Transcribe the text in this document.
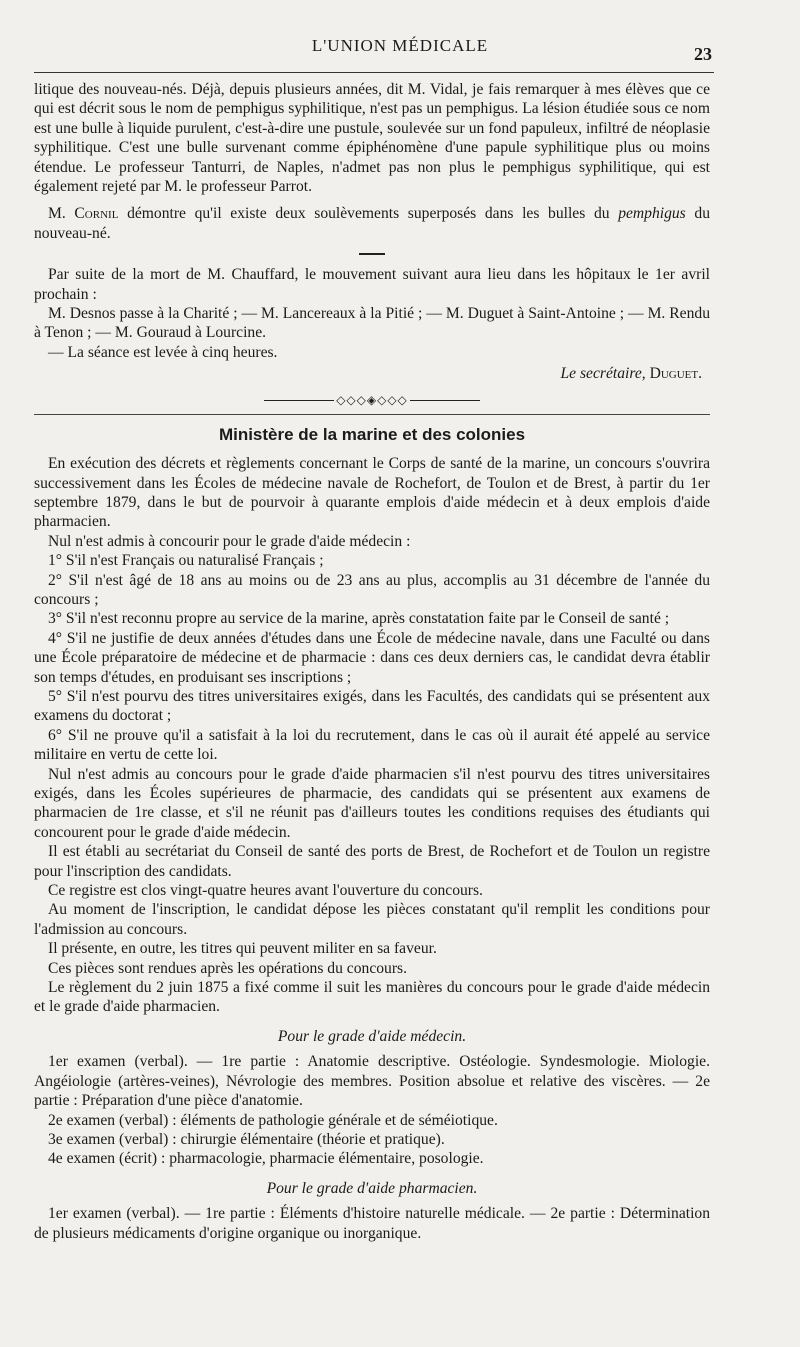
L'UNION MÉDICALE	23

litique des nouveau-nés. Déjà, depuis plusieurs années, dit M. Vidal, je fais remarquer à mes élèves que ce qui est décrit sous le nom de pemphigus syphilitique, n'est pas un pemphigus. La lésion étudiée sous ce nom est une bulle à liquide purulent, c'est-à-dire une pustule, soulevée sur un fond papuleux, infiltré de néoplasie syphilitique. C'est une bulle survenant comme épiphénomène d'une papule syphilitique plus ou moins étendue. Le professeur Tanturri, de Naples, n'admet pas non plus le pemphigus syphilitique, qui est également rejeté par M. le professeur Parrot.

M. Cornil démontre qu'il existe deux soulèvements superposés dans les bulles du pemphigus du nouveau-né.

Par suite de la mort de M. Chauffard, le mouvement suivant aura lieu dans les hôpitaux le 1er avril prochain :

M. Desnos passe à la Charité ; — M. Lancereaux à la Pitié ; — M. Duguet à Saint-Antoine ; — M. Rendu à Tenon ; — M. Gouraud à Lourcine.

— La séance est levée à cinq heures.

Le secrétaire, Duguet.

◇◇◇◈◇◇◇

Ministère de la marine et des colonies

En exécution des décrets et règlements concernant le Corps de santé de la marine, un concours s'ouvrira successivement dans les Écoles de médecine navale de Rochefort, de Toulon et de Brest, à partir du 1er septembre 1879, dans le but de pourvoir à quarante emplois d'aide médecin et à deux emplois d'aide pharmacien.

Nul n'est admis à concourir pour le grade d'aide médecin :

1° S'il n'est Français ou naturalisé Français ;

2° S'il n'est âgé de 18 ans au moins ou de 23 ans au plus, accomplis au 31 décembre de l'année du concours ;

3° S'il n'est reconnu propre au service de la marine, après constatation faite par le Conseil de santé ;

4° S'il ne justifie de deux années d'études dans une École de médecine navale, dans une Faculté ou dans une École préparatoire de médecine et de pharmacie : dans ces deux derniers cas, le candidat devra établir son temps d'études, en produisant ses inscriptions ;

5° S'il n'est pourvu des titres universitaires exigés, dans les Facultés, des candidats qui se présentent aux examens du doctorat ;

6° S'il ne prouve qu'il a satisfait à la loi du recrutement, dans le cas où il aurait été appelé au service militaire en vertu de cette loi.

Nul n'est admis au concours pour le grade d'aide pharmacien s'il n'est pourvu des titres universitaires exigés, dans les Écoles supérieures de pharmacie, des candidats qui se présentent aux examens de pharmacien de 1re classe, et s'il ne réunit pas d'ailleurs toutes les conditions requises des étudiants qui concourent pour le grade d'aide médecin.

Il est établi au secrétariat du Conseil de santé des ports de Brest, de Rochefort et de Toulon un registre pour l'inscription des candidats.

Ce registre est clos vingt-quatre heures avant l'ouverture du concours.

Au moment de l'inscription, le candidat dépose les pièces constatant qu'il remplit les conditions pour l'admission au concours.

Il présente, en outre, les titres qui peuvent militer en sa faveur.

Ces pièces sont rendues après les opérations du concours.

Le règlement du 2 juin 1875 a fixé comme il suit les manières du concours pour le grade d'aide médecin et le grade d'aide pharmacien.

Pour le grade d'aide médecin.

1er examen (verbal). — 1re partie : Anatomie descriptive. Ostéologie. Syndesmologie. Miologie. Angéiologie (artères-veines), Névrologie des membres. Position absolue et relative des viscères. — 2e partie : Préparation d'une pièce d'anatomie.

2e examen (verbal) : éléments de pathologie générale et de séméiotique.

3e examen (verbal) : chirurgie élémentaire (théorie et pratique).

4e examen (écrit) : pharmacologie, pharmacie élémentaire, posologie.

Pour le grade d'aide pharmacien.

1er examen (verbal). — 1re partie : Éléments d'histoire naturelle médicale. — 2e partie : Détermination de plusieurs médicaments d'origine organique ou inorganique.
